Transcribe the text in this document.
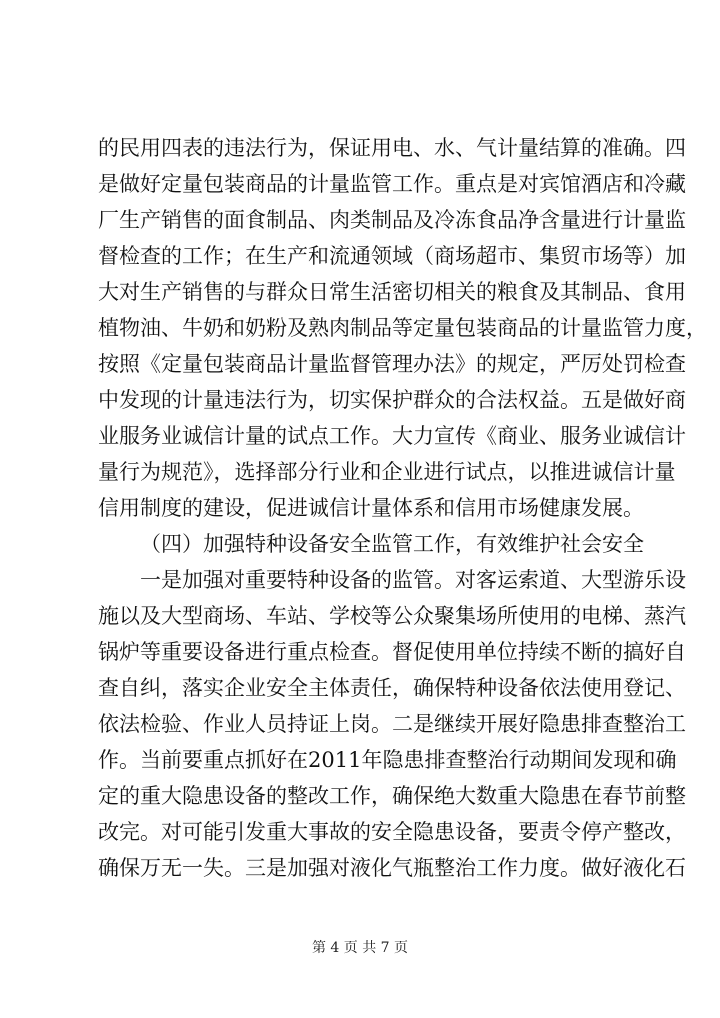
的民用四表的违法行为，保证用电、水、气计量结算的准确。四
是做好定量包装商品的计量监管工作。重点是对宾馆酒店和冷藏
厂生产销售的面食制品、肉类制品及冷冻食品净含量进行计量监
督检查的工作；在生产和流通领域（商场超市、集贸市场等）加
大对生产销售的与群众日常生活密切相关的粮食及其制品、食用
植物油、牛奶和奶粉及熟肉制品等定量包装商品的计量监管力度，
按照《定量包装商品计量监督管理办法》的规定，严厉处罚检查
中发现的计量违法行为，切实保护群众的合法权益。五是做好商
业服务业诚信计量的试点工作。大力宣传《商业、服务业诚信计
量行为规范》，选择部分行业和企业进行试点，以推进诚信计量
信用制度的建设，促进诚信计量体系和信用市场健康发展。
（四）加强特种设备安全监管工作，有效维护社会安全
一是加强对重要特种设备的监管。对客运索道、大型游乐设
施以及大型商场、车站、学校等公众聚集场所使用的电梯、蒸汽
锅炉等重要设备进行重点检查。督促使用单位持续不断的搞好自
查自纠，落实企业安全主体责任，确保特种设备依法使用登记、
依法检验、作业人员持证上岗。二是继续开展好隐患排查整治工
作。当前要重点抓好在2011年隐患排查整治行动期间发现和确
定的重大隐患设备的整改工作，确保绝大数重大隐患在春节前整
改完。对可能引发重大事故的安全隐患设备，要责令停产整改，
确保万无一失。三是加强对液化气瓶整治工作力度。做好液化石
第 4 页 共 7 页
